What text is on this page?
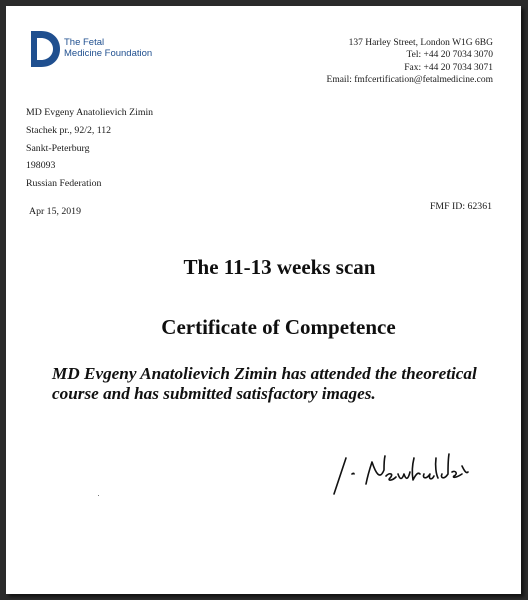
The Fetal
Medicine Foundation
137 Harley Street, London W1G 6BG
Tel: +44 20 7034 3070
Fax: +44 20 7034 3071
Email: fmfcertification@fetalmedicine.com
MD Evgeny Anatolievich Zimin
Stachek pr., 92/2, 112
Sankt-Peterburg
198093
Russian Federation
Apr 15, 2019	FMF ID: 62361
The 11-13 weeks scan
Certificate of Competence
MD Evgeny Anatolievich Zimin has attended the theoretical course and has submitted satisfactory images.
